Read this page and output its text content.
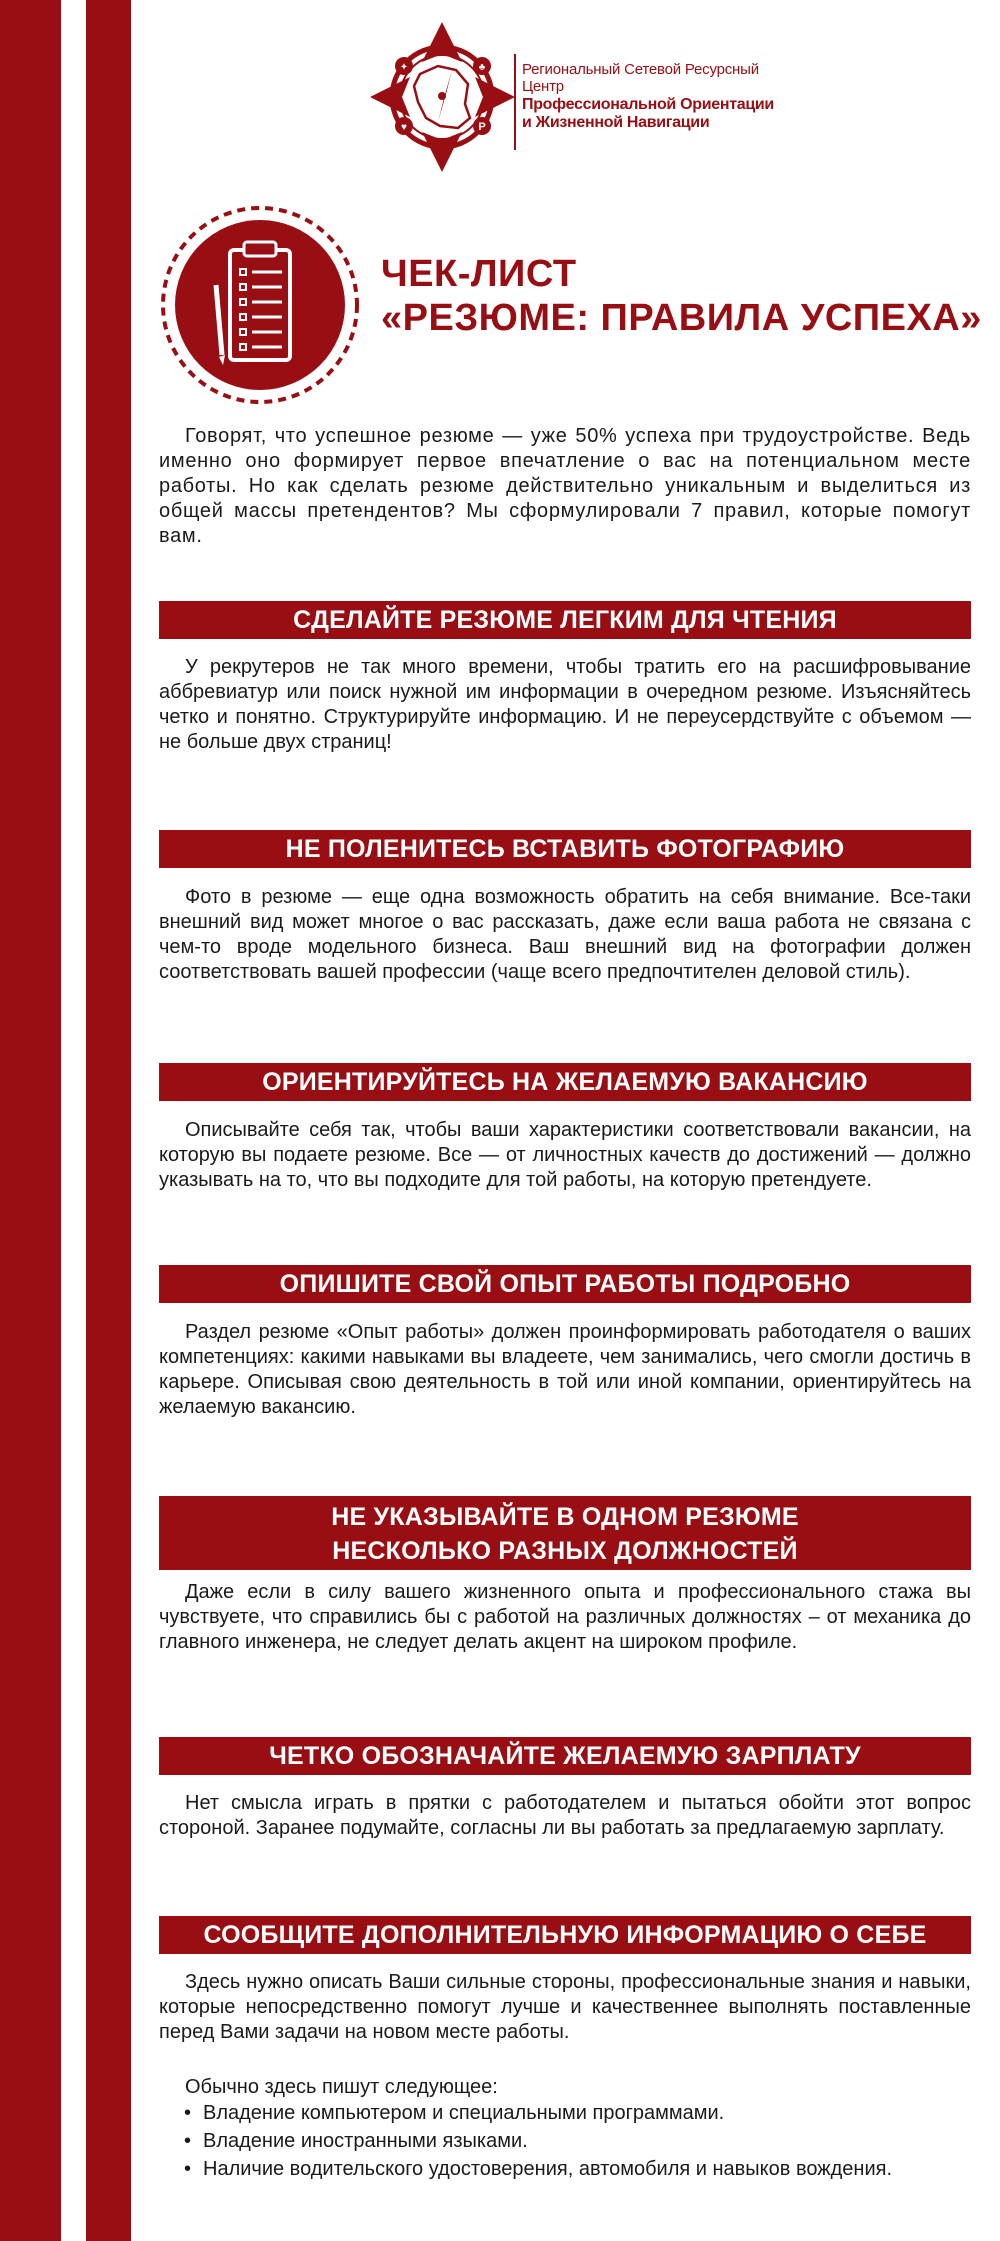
✦	♣
♥	P
Региональный Сетевой Ресурсный Центр
Профессиональной Ориентации
и Жизненной Навигации
ЧЕК-ЛИСТ
«РЕЗЮМЕ: ПРАВИЛА УСПЕХА»

Говорят, что успешное резюме — уже 50% успеха при трудоустройстве. Ведь именно оно формирует первое впечатление о вас на потенциальном месте работы. Но как сделать резюме действительно уникальным и выделиться из общей массы претендентов? Мы сформулировали 7 правил, которые помогут вам.

СДЕЛАЙТЕ РЕЗЮМЕ ЛЕГКИМ ДЛЯ ЧТЕНИЯ

У рекрутеров не так много времени, чтобы тратить его на расшифровывание аббревиатур или поиск нужной им информации в очередном резюме. Изъясняйтесь четко и понятно. Структурируйте информацию. И не переусердствуйте с объемом — не больше двух страниц!

НЕ ПОЛЕНИТЕСЬ ВСТАВИТЬ ФОТОГРАФИЮ

Фото в резюме — еще одна возможность обратить на себя внимание. Все-таки внешний вид может многое о вас рассказать, даже если ваша работа не связана с чем-то вроде модельного бизнеса. Ваш внешний вид на фотографии должен соответствовать вашей профессии (чаще всего предпочтителен деловой стиль).

ОРИЕНТИРУЙТЕСЬ НА ЖЕЛАЕМУЮ ВАКАНСИЮ

Описывайте себя так, чтобы ваши характеристики соответствовали вакансии, на которую вы подаете резюме. Все — от личностных качеств до достижений — должно указывать на то, что вы подходите для той работы, на которую претендуете.

ОПИШИТЕ СВОЙ ОПЫТ РАБОТЫ ПОДРОБНО

Раздел резюме «Опыт работы» должен проинформировать работодателя о ваших компетенциях: какими навыками вы владеете, чем занимались, чего смогли достичь в карьере. Описывая свою деятельность в той или иной компании, ориентируйтесь на желаемую вакансию.

НЕ УКАЗЫВАЙТЕ В ОДНОМ РЕЗЮМЕ
НЕСКОЛЬКО РАЗНЫХ ДОЛЖНОСТЕЙ

Даже если в силу вашего жизненного опыта и профессионального стажа вы чувствуете, что справились бы с работой на различных должностях – от механика до главного инженера, не следует делать акцент на широком профиле.

ЧЕТКО ОБОЗНАЧАЙТЕ ЖЕЛАЕМУЮ ЗАРПЛАТУ

Нет смысла играть в прятки с работодателем и пытаться обойти этот вопрос стороной. Заранее подумайте, согласны ли вы работать за предлагаемую зарплату.

СООБЩИТЕ ДОПОЛНИТЕЛЬНУЮ ИНФОРМАЦИЮ О СЕБЕ

Здесь нужно описать Ваши сильные стороны, профессиональные знания и навыки, которые непосредственно помогут лучше и качественнее выполнять поставленные перед Вами задачи на новом месте работы.

Обычно здесь пишут следующее:

• Владение компьютером и специальными программами.
• Владение иностранными языками.
• Наличие водительского удостоверения, автомобиля и навыков вождения.
